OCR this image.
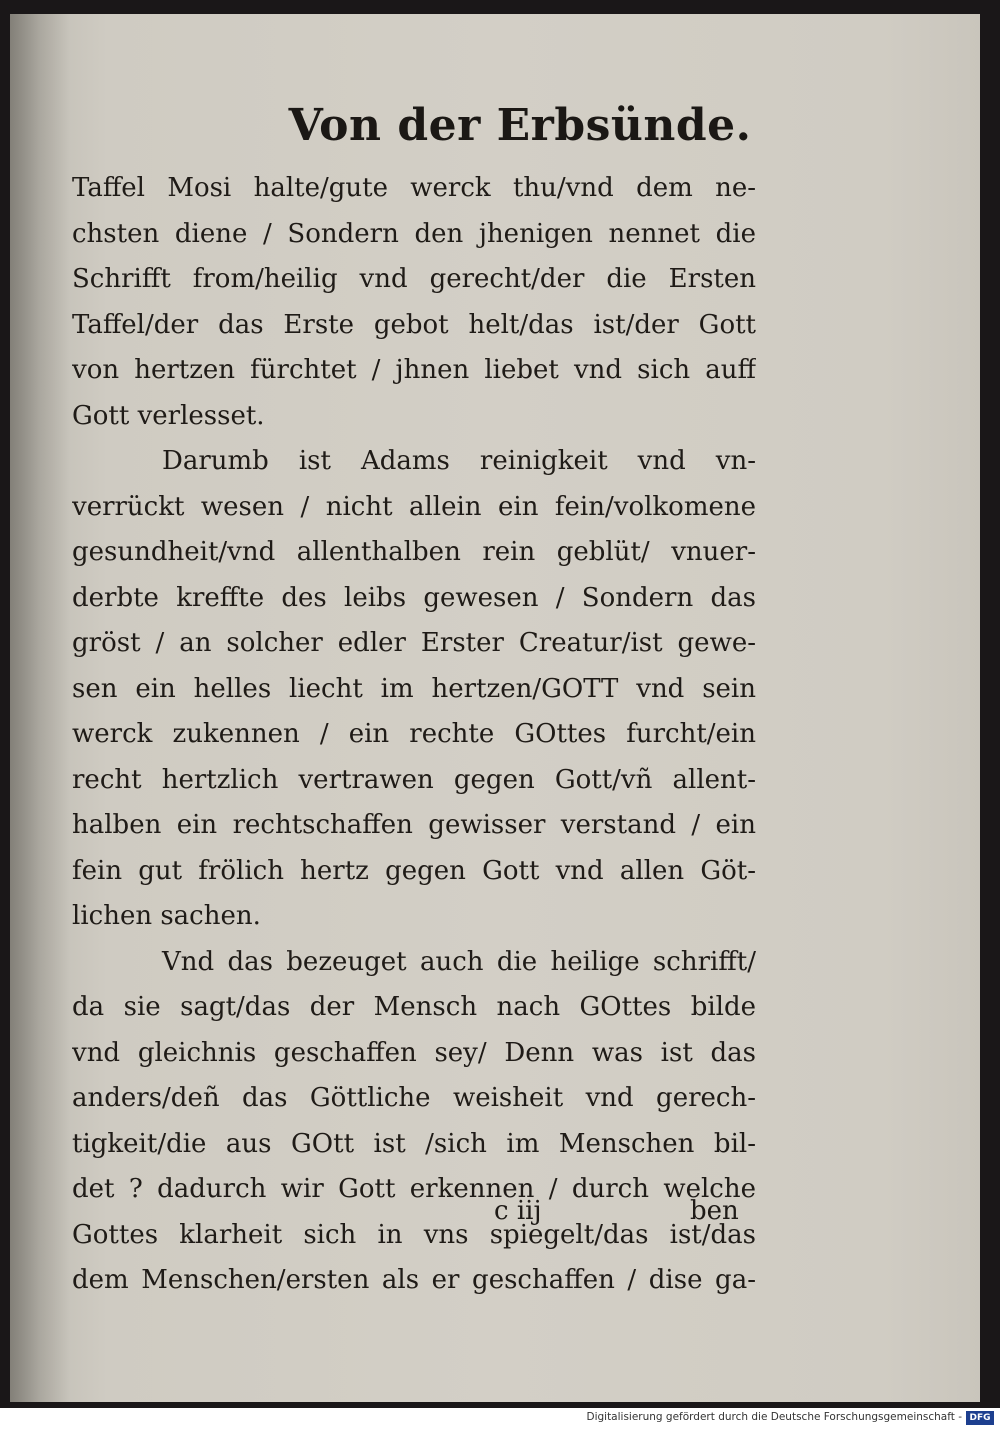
Von der Erbsünde.
Taffel Mosi halte/gute werck thu/vnd dem ne-
chsten diene / Sondern den jhenigen nennet die
Schrifft from/heilig vnd gerecht/der die Ersten
Taffel/der das Erste gebot helt/das ist/der Gott
von hertzen fürchtet / jhnen liebet vnd sich auff
Gott verlesset.
Darumb ist Adams reinigkeit vnd vn-
verrückt wesen / nicht allein ein fein/volkomene
gesundheit/vnd allenthalben rein geblüt/ vnuer-
derbte kreffte des leibs gewesen / Sondern das
gröst / an solcher edler Erster Creatur/ist gewe-
sen ein helles liecht im hertzen/GOTT vnd sein
werck zukennen / ein rechte GOttes furcht/ein
recht hertzlich vertrawen gegen Gott/vñ allent-
halben ein rechtschaffen gewisser verstand / ein
fein gut frölich hertz gegen Gott vnd allen Göt-
lichen sachen.
Vnd das bezeuget auch die heilige schrifft/
da sie sagt/das der Mensch nach GOttes bilde
vnd gleichnis geschaffen sey/ Denn was ist das
anders/deñ das Göttliche weisheit vnd gerech-
tigkeit/die aus GOtt ist /sich im Menschen bil-
det ? dadurch wir Gott erkennen / durch welche
Gottes klarheit sich in vns spiegelt/das ist/das
dem Menschen/ersten als er geschaffen / dise ga-
c iij	ben
Digitalisierung gefördert durch die Deutsche Forschungsgemeinschaft - DFG
